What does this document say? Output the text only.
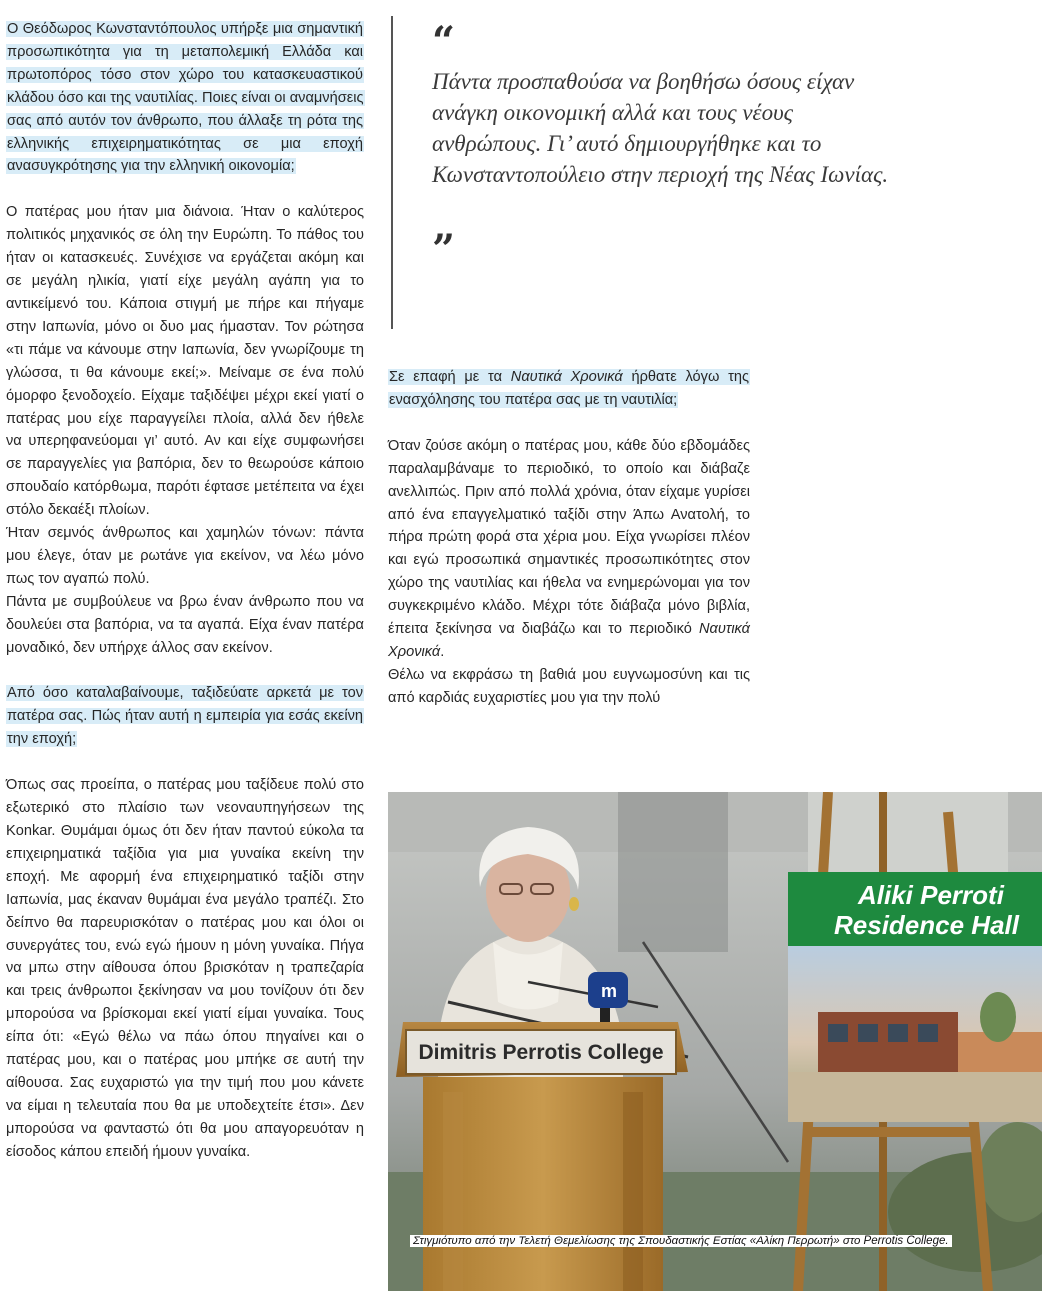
Ο Θεόδωρος Κωνσταντόπουλος υπήρξε μια σημαντική προσωπικότητα για τη μεταπολεμική Ελλάδα και πρωτοπόρος τόσο στον χώρο του κατασκευαστικού κλάδου όσο και της ναυτιλίας. Ποιες είναι οι αναμνήσεις σας από αυτόν τον άνθρωπο, που άλλαξε τη ρότα της ελληνικής επιχειρηματικότητας σε μια εποχή ανασυγκρότησης για την ελληνική οικονομία;

Ο πατέρας μου ήταν μια διάνοια. Ήταν ο καλύτερος πολιτικός μηχανικός σε όλη την Ευρώπη. Το πάθος του ήταν οι κατασκευές. Συνέχισε να εργάζεται ακόμη και σε μεγάλη ηλικία, γιατί είχε μεγάλη αγάπη για το αντικείμενό του. Κάποια στιγμή με πήρε και πήγαμε στην Ιαπωνία, μόνο οι δυο μας ήμασταν. Τον ρώτησα «τι πάμε να κάνουμε στην Ιαπωνία, δεν γνωρίζουμε τη γλώσσα, τι θα κάνουμε εκεί;». Μείναμε σε ένα πολύ όμορφο ξενοδοχείο. Είχαμε ταξιδέψει μέχρι εκεί γιατί ο πατέρας μου είχε παραγγείλει πλοία, αλλά δεν ήθελε να υπερηφανεύομαι γι’ αυτό. Αν και είχε συμφωνήσει σε παραγγελίες για βαπόρια, δεν το θεωρούσε κάποιο σπουδαίο κατόρθωμα, παρότι έφτασε μετέπειτα να έχει στόλο δεκαέξι πλοίων.

Ήταν σεμνός άνθρωπος και χαμηλών τόνων: πάντα μου έλεγε, όταν με ρωτάνε για εκείνον, να λέω μόνο πως τον αγαπώ πολύ.

Πάντα με συμβούλευε να βρω έναν άνθρωπο που να δουλεύει στα βαπόρια, να τα αγαπά. Είχα έναν πατέρα μοναδικό, δεν υπήρχε άλλος σαν εκείνον.

Από όσο καταλαβαίνουμε, ταξιδεύατε αρκετά με τον πατέρα σας. Πώς ήταν αυτή η εμπειρία για εσάς εκείνη την εποχή;

Όπως σας προείπα, ο πατέρας μου ταξίδευε πολύ στο εξωτερικό στο πλαίσιο των νεοναυπηγήσεων της Konkar. Θυμάμαι όμως ότι δεν ήταν παντού εύκολα τα επιχειρηματικά ταξίδια για μια γυναίκα εκείνη την εποχή. Με αφορμή ένα επιχειρηματικό ταξίδι στην Ιαπωνία, μας έκαναν θυμάμαι ένα μεγάλο τραπέζι. Στο δείπνο θα παρευρισκόταν ο πατέρας μου και όλοι οι συνεργάτες του, ενώ εγώ ήμουν η μόνη γυναίκα. Πήγα να μπω στην αίθουσα όπου βρισκόταν η τραπεζαρία και τρεις άνθρωποι ξεκίνησαν να μου τονίζουν ότι δεν μπορούσα να βρίσκομαι εκεί γιατί είμαι γυναίκα. Τους είπα ότι: «Εγώ θέλω να πάω όπου πηγαίνει και ο πατέρας μου, και ο πατέρας μου μπήκε σε αυτή την αίθουσα. Σας ευχαριστώ για την τιμή που μου κάνετε να είμαι η τελευταία που θα με υποδεχτείτε έτσι». Δεν μπορούσα να φανταστώ ότι θα μου απαγορευόταν η είσοδος κάπου επειδή ήμουν γυναίκα.

“

Πάντα προσπαθούσα να βοηθήσω όσους είχαν ανάγκη οικονομική αλλά και τους νέους ανθρώπους. Γι’ αυτό δημιουργήθηκε και το Κωνσταντοπούλειο στην περιοχή της Νέας Ιωνίας.

”

Σε επαφή με τα Ναυτικά Χρονικά ήρθατε λόγω της ενασχόλησης του πατέρα σας με τη ναυτιλία;

Όταν ζούσε ακόμη ο πατέρας μου, κάθε δύο εβδομάδες παραλαμβάναμε το περιοδικό, το οποίο και διάβαζε ανελλιπώς. Πριν από πολλά χρόνια, όταν είχαμε γυρίσει από ένα επαγγελματικό ταξίδι στην Άπω Ανατολή, το πήρα πρώτη φορά στα χέρια μου. Είχα γνωρίσει πλέον και εγώ προσωπικά σημαντικές προσωπικότητες στον χώρο της ναυτιλίας και ήθελα να ενημερώνομαι για τον συγκεκριμένο κλάδο. Μέχρι τότε διάβαζα μόνο βιβλία, έπειτα ξεκίνησα να διαβάζω και το περιοδικό Ναυτικά Χρονικά.

Θέλω να εκφράσω τη βαθιά μου ευγνωμοσύνη και τις από καρδιάς ευχαριστίες μου για την πολύ

m
Dimitris Perrotis College
Aliki Perroti
Residence Hall
Στιγμιότυπο από την Τελετή Θεμελίωσης της Σπουδαστικής Εστίας «Αλίκη Περρωτή» στο Perrotis College.
